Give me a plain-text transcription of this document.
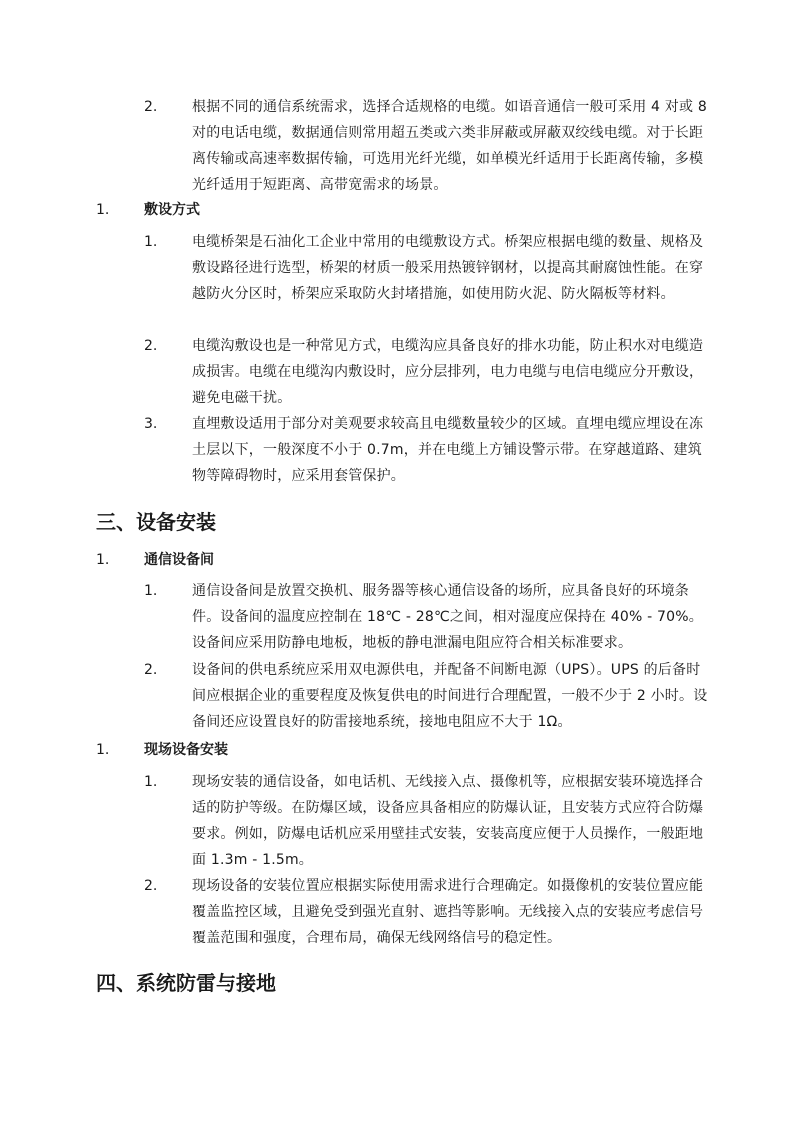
2. 根据不同的通信系统需求，选择合适规格的电缆。如语音通信一般可采用 4 对或 8 对的电话电缆，数据通信则常用超五类或六类非屏蔽或屏蔽双绞线电缆。对于长距离传输或高速率数据传输，可选用光纤光缆，如单模光纤适用于长距离传输，多模光纤适用于短距离、高带宽需求的场景。
1. 敷设方式
1. 电缆桥架是石油化工企业中常用的电缆敷设方式。桥架应根据电缆的数量、规格及敷设路径进行选型，桥架的材质一般采用热镀锌钢材，以提高其耐腐蚀性能。在穿越防火分区时，桥架应采取防火封堵措施，如使用防火泥、防火隔板等材料。
2. 电缆沟敷设也是一种常见方式，电缆沟应具备良好的排水功能，防止积水对电缆造成损害。电缆在电缆沟内敷设时，应分层排列，电力电缆与电信电缆应分开敷设，避免电磁干扰。
3. 直埋敷设适用于部分对美观要求较高且电缆数量较少的区域。直埋电缆应埋设在冻土层以下，一般深度不小于 0.7m，并在电缆上方铺设警示带。在穿越道路、建筑物等障碍物时，应采用套管保护。
三、设备安装
1. 通信设备间
1. 通信设备间是放置交换机、服务器等核心通信设备的场所，应具备良好的环境条件。设备间的温度应控制在 18℃ - 28℃之间，相对湿度应保持在 40% - 70%。设备间应采用防静电地板，地板的静电泄漏电阻应符合相关标准要求。
2. 设备间的供电系统应采用双电源供电，并配备不间断电源（UPS）。UPS 的后备时间应根据企业的重要程度及恢复供电的时间进行合理配置，一般不少于 2 小时。设备间还应设置良好的防雷接地系统，接地电阻应不大于 1Ω。
1. 现场设备安装
1. 现场安装的通信设备，如电话机、无线接入点、摄像机等，应根据安装环境选择合适的防护等级。在防爆区域，设备应具备相应的防爆认证，且安装方式应符合防爆要求。例如，防爆电话机应采用壁挂式安装，安装高度应便于人员操作，一般距地面 1.3m - 1.5m。
2. 现场设备的安装位置应根据实际使用需求进行合理确定。如摄像机的安装位置应能覆盖监控区域，且避免受到强光直射、遮挡等影响。无线接入点的安装应考虑信号覆盖范围和强度，合理布局，确保无线网络信号的稳定性。
四、系统防雷与接地
